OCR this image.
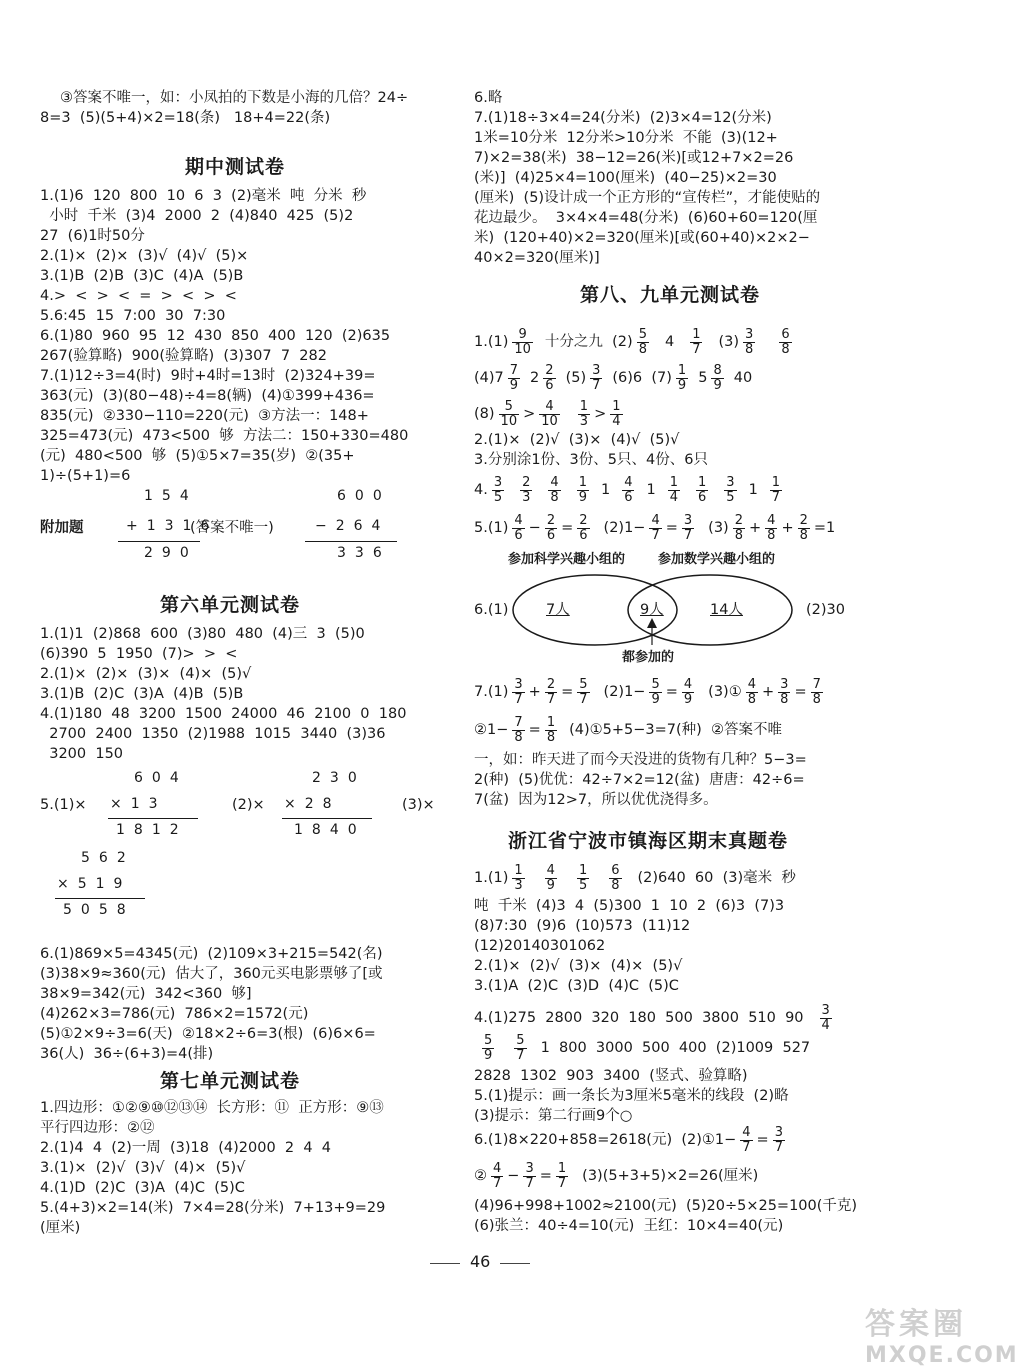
③答案不唯一，如：小凤拍的下数是小海的几倍？24÷
8=3  (5)(5+4)×2=18(条)   18+4=22(条)
期中测试卷
1.(1)6  120  800  10  6  3  (2)毫米  吨  分米  秒
小时  千米  (3)4  2000  2  (4)840  425  (5)2
27  (6)1时50分
2.(1)×  (2)×  (3)√  (4)√  (5)×
3.(1)B  (2)B  (3)C  (4)A  (5)B
4.>  <  >  <  =  >  <  >  <
5.6:45  15  7:00  30  7:30
6.(1)80  960  95  12  430  850  400  120  (2)635
267(验算略)  900(验算略)  (3)307  7  282
7.(1)12÷3=4(时)  9时+4时=13时  (2)324+39=
363(元)  (3)(80−48)÷4=8(辆)  (4)①399+436=
835(元)  ②330−110=220(元)  ③方法一：148+
325=473(元)  473<500  够  方法二：150+330=480
(元)  480<500  够  (5)①5×7=35(岁)  ②(35+
1)÷(5+1)=6
附加题
154
+1316
290
(答案不唯一)
600
−264
336
第六单元测试卷
1.(1)1  (2)868  600  (3)80  480  (4)三  3  (5)0
(6)390  5  1950  (7)>  >  <
2.(1)×  (2)×  (3)×  (4)×  (5)√
3.(1)B  (2)C  (3)A  (4)B  (5)B
4.(1)180  48  3200  1500  24000  46  2100  0  180
2700  2400  1350  (2)1988  1015  3440  (3)36
3200  150
5.(1)×
604
×13
1812
(2)×
230
×28
1840
(3)×
562
×519
5058
6.(1)869×5=4345(元)  (2)109×3+215=542(名)
(3)38×9≈360(元)  估大了，360元买电影票够了[或
38×9=342(元)  342<360  够]
(4)262×3=786(元)  786×2=1572(元)
(5)①2×9÷3=6(天)  ②18×2÷6=3(根)  (6)6×6=
36(人)  36÷(6+3)=4(排)
第七单元测试卷
1.四边形：①②⑨⑩⑫⑬⑭  长方形：⑪  正方形：⑨⑬
平行四边形：②⑫
2.(1)4  4  (2)一周  (3)18  (4)2000  2  4  4
3.(1)×  (2)√  (3)√  (4)×  (5)√
4.(1)D  (2)C  (3)A  (4)C  (5)C
5.(4+3)×2=14(米)  7×4=28(分米)  7+13+9=29
(厘米)
6.略
7.(1)18÷3×4=24(分米)  (2)3×4=12(分米)
1米=10分米  12分米>10分米  不能  (3)(12+
7)×2=38(米)  38−12=26(米)[或12+7×2=26
(米)]  (4)25×4=100(厘米)  (40−25)×2=30
(厘米)  (5)设计成一个正方形的“宣传栏”，才能使贴的
花边最少。  3×4×4=48(分米)  (6)60+60=120(厘
米)  (120+40)×2=320(厘米)[或(60+40)×2×2−
40×2=320(厘米)]
第八、九单元测试卷
$1.(1) \frac{9}{10}$ 十分之九  $(2) \frac{5}{8} 4 \frac{1}{7} (3) \frac{3}{8} \frac{6}{8}$
$(4)7 \frac{7}{9} 2 \frac{2}{6} (5) \frac{3}{7} (6)6$  $(7) \frac{1}{9} 5 \frac{8}{9} 40$
$(8) \frac{5}{10} > \frac{4}{10} \frac{1}{3} > \frac{1}{4}$
2.(1)×  (2)√  (3)×  (4)√  (5)√
3.分别涂1份、3份、5只、4份、6只
4. $\frac{3}{5} \frac{2}{3} \frac{4}{8} \frac{1}{9} 1 \frac{4}{6} 1 \frac{1}{4} \frac{1}{6} \frac{3}{5} 1 \frac{1}{7}$
$5.(1) \frac{4}{6} - \frac{2}{6} = \frac{2}{6} (2)1- \frac{4}{7} = \frac{3}{7} (3) \frac{2}{8} + \frac{4}{8} + \frac{2}{8} =1$
参加科学兴趣小组的	参加数学兴趣小组的
6.(1)	7人	9人	14人	(2)30
都参加的
$7.(1) \frac{3}{7} + \frac{2}{7} = \frac{5}{7} (2)1- \frac{5}{9} = \frac{4}{9}$ (3)① $\frac{4}{8} + \frac{3}{8} = \frac{7}{8}$
②1− $\frac{7}{8} = \frac{1}{8}$ (4)①5+5−3=7(种)  ②答案不唯
一，如：昨天进了而今天没进的货物有几种？5−3=
2(种)  (5)优优：42÷7×2=12(盆)  唐唐：42÷6=
7(盆)  因为12>7，所以优优浇得多。
浙江省宁波市镇海区期末真题卷
$1.(1) \frac{1}{3} \frac{4}{9} \frac{1}{5} \frac{6}{8} (2)640$  60  (3)毫米  秒
吨  千米  (4)3  4  (5)300  1  10  2  (6)3  (7)3
(8)7:30  (9)6  (10)573  (11)12
(12)20140301062
2.(1)×  (2)√  (3)×  (4)×  (5)√
3.(1)A  (2)C  (3)D  (4)C  (5)C
4.(1)275  2800  320  180  500  3800  510  $90 \frac{3}{4}$
$\frac{5}{9} \frac{5}{7} 1$  800  3000  500  400  (2)1009  527
2828  1302  903  3400  (竖式、验算略)
5.(1)提示：画一条长为3厘米5毫米的线段  (2)略
(3)提示：第二行画9个○
6.(1)8×220+858=2618(元)  (2)①1− $\frac{4}{7} = \frac{3}{7}$
② $\frac{4}{7} - \frac{3}{7} = \frac{1}{7} (3)(5+3+5)\times 2=26$(厘米)
(4)96+998+1002≈2100(元)  (5)20÷5×25=100(千克)
(6)张兰：40÷4=10(元)  王红：10×4=40(元)
46
答案圈
MXQE.COM
